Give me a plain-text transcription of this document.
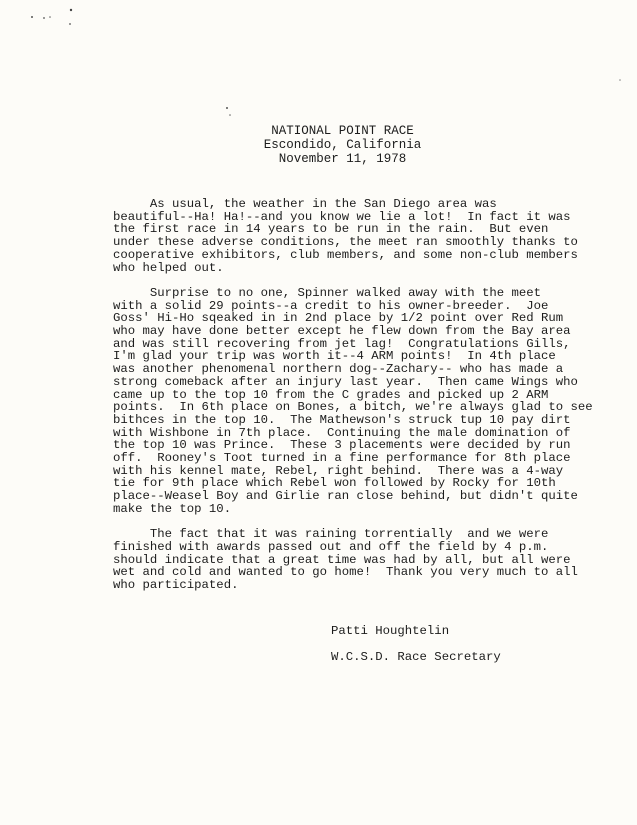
NATIONAL POINT RACE
Escondido, California
November 11, 1978
As usual, the weather in the San Diego area was
beautiful--Ha! Ha!--and you know we lie a lot!  In fact it was
the first race in 14 years to be run in the rain.  But even
under these adverse conditions, the meet ran smoothly thanks to
cooperative exhibitors, club members, and some non-club members
who helped out.
Surprise to no one, Spinner walked away with the meet
with a solid 29 points--a credit to his owner-breeder.  Joe
Goss' Hi-Ho sqeaked in in 2nd place by 1/2 point over Red Rum
who may have done better except he flew down from the Bay area
and was still recovering from jet lag!  Congratulations Gills,
I'm glad your trip was worth it--4 ARM points!  In 4th place
was another phenomenal northern dog--Zachary-- who has made a
strong comeback after an injury last year.  Then came Wings who
came up to the top 10 from the C grades and picked up 2 ARM
points.  In 6th place on Bones, a bitch, we're always glad to see
bithces in the top 10.  The Mathewson's struck tup 10 pay dirt
with Wishbone in 7th place.  Continuing the male domination of
the top 10 was Prince.  These 3 placements were decided by run
off.  Rooney's Toot turned in a fine performance for 8th place
with his kennel mate, Rebel, right behind.  There was a 4-way
tie for 9th place which Rebel won followed by Rocky for 10th
place--Weasel Boy and Girlie ran close behind, but didn't quite
make the top 10.
The fact that it was raining torrentially  and we were
finished with awards passed out and off the field by 4 p.m.
should indicate that a great time was had by all, but all were
wet and cold and wanted to go home!  Thank you very much to all
who participated.
Patti Houghtelin
W.C.S.D. Race Secretary
